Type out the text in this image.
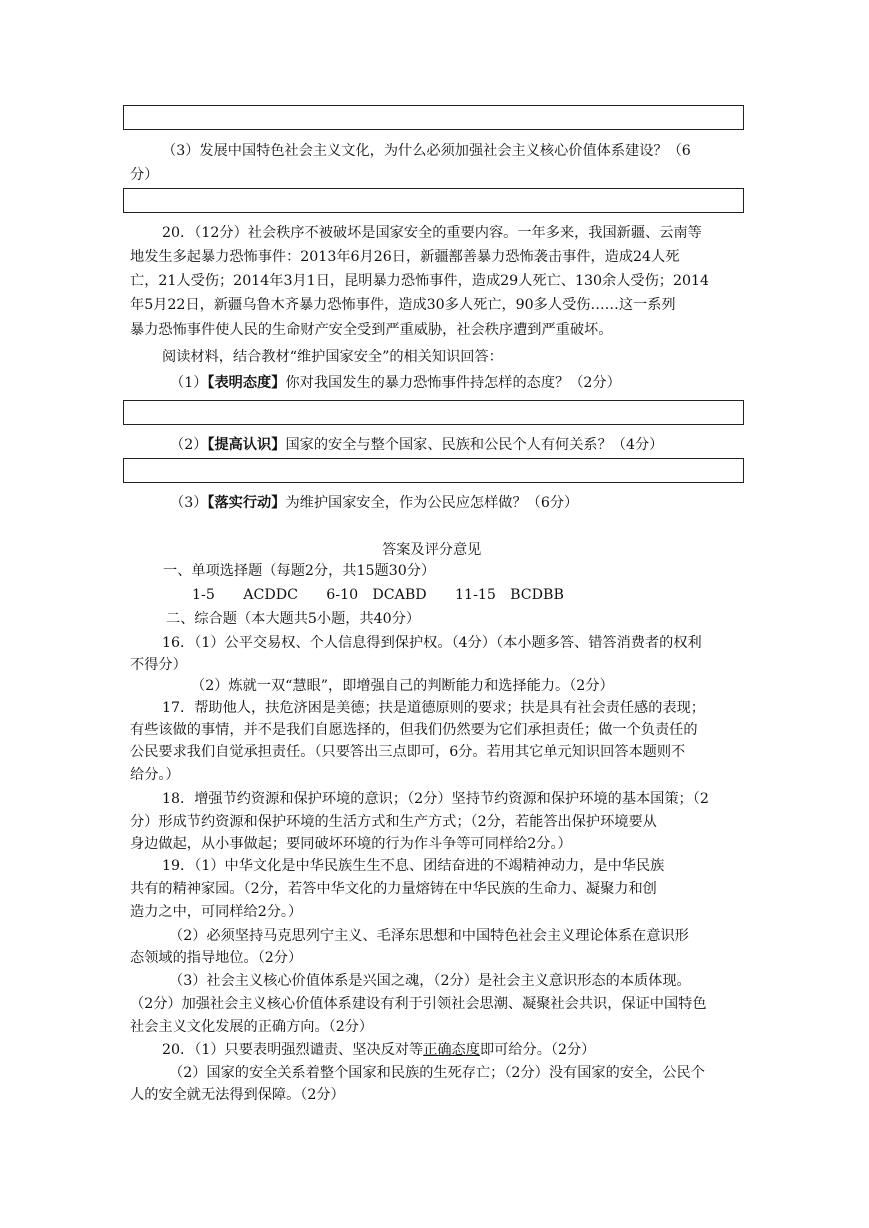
（3）发展中国特色社会主义文化，为什么必须加强社会主义核心价值体系建设？（6

分）

20．（12分）社会秩序不被破坏是国家安全的重要内容。一年多来，我国新疆、云南等

地发生多起暴力恐怖事件：2013年6月26日，新疆鄯善暴力恐怖袭击事件，造成24人死

亡，21人受伤；2014年3月1日，昆明暴力恐怖事件，造成29人死亡、130余人受伤；2014

年5月22日，新疆乌鲁木齐暴力恐怖事件，造成30多人死亡，90多人受伤……这一系列

暴力恐怖事件使人民的生命财产安全受到严重威胁，社会秩序遭到严重破坏。

阅读材料，结合教材“维护国家安全”的相关知识回答：

（1）【表明态度】你对我国发生的暴力恐怖事件持怎样的态度？（2分）

（2）【提高认识】国家的安全与整个国家、民族和公民个人有何关系？（4分）

（3）【落实行动】为维护国家安全，作为公民应怎样做？（6分）

答案及评分意见

一、单项选择题（每题2分，共15题30分）

1-5　　ACDDC　　6-10　DCABD　　11-15　BCDBB

二、综合题（本大题共5小题，共40分）

16．（1）公平交易权、个人信息得到保护权。（4分）（本小题多答、错答消费者的权利

不得分）

（2）炼就一双“慧眼”，即增强自己的判断能力和选择能力。（2分）

17．帮助他人，扶危济困是美德；扶是道德原则的要求；扶是具有社会责任感的表现；

有些该做的事情，并不是我们自愿选择的，但我们仍然要为它们承担责任；做一个负责任的

公民要求我们自觉承担责任。（只要答出三点即可，6分。若用其它单元知识回答本题则不

给分。）

18．增强节约资源和保护环境的意识；（2分）坚持节约资源和保护环境的基本国策；（2

分）形成节约资源和保护环境的生活方式和生产方式；（2分，若能答出保护环境要从

身边做起，从小事做起；要同破坏环境的行为作斗争等可同样给2分。）

19．（1）中华文化是中华民族生生不息、团结奋进的不竭精神动力，是中华民族

共有的精神家园。（2分，若答中华文化的力量熔铸在中华民族的生命力、凝聚力和创

造力之中，可同样给2分。）

（2）必须坚持马克思列宁主义、毛泽东思想和中国特色社会主义理论体系在意识形

态领域的指导地位。（2分）

（3）社会主义核心价值体系是兴国之魂，（2分）是社会主义意识形态的本质体现。

（2分）加强社会主义核心价值体系建设有利于引领社会思潮、凝聚社会共识，保证中国特色

社会主义文化发展的正确方向。（2分）

20．（1）只要表明强烈谴责、坚决反对等正确态度即可给分。（2分）

（2）国家的安全关系着整个国家和民族的生死存亡；（2分）没有国家的安全，公民个

人的安全就无法得到保障。（2分）
